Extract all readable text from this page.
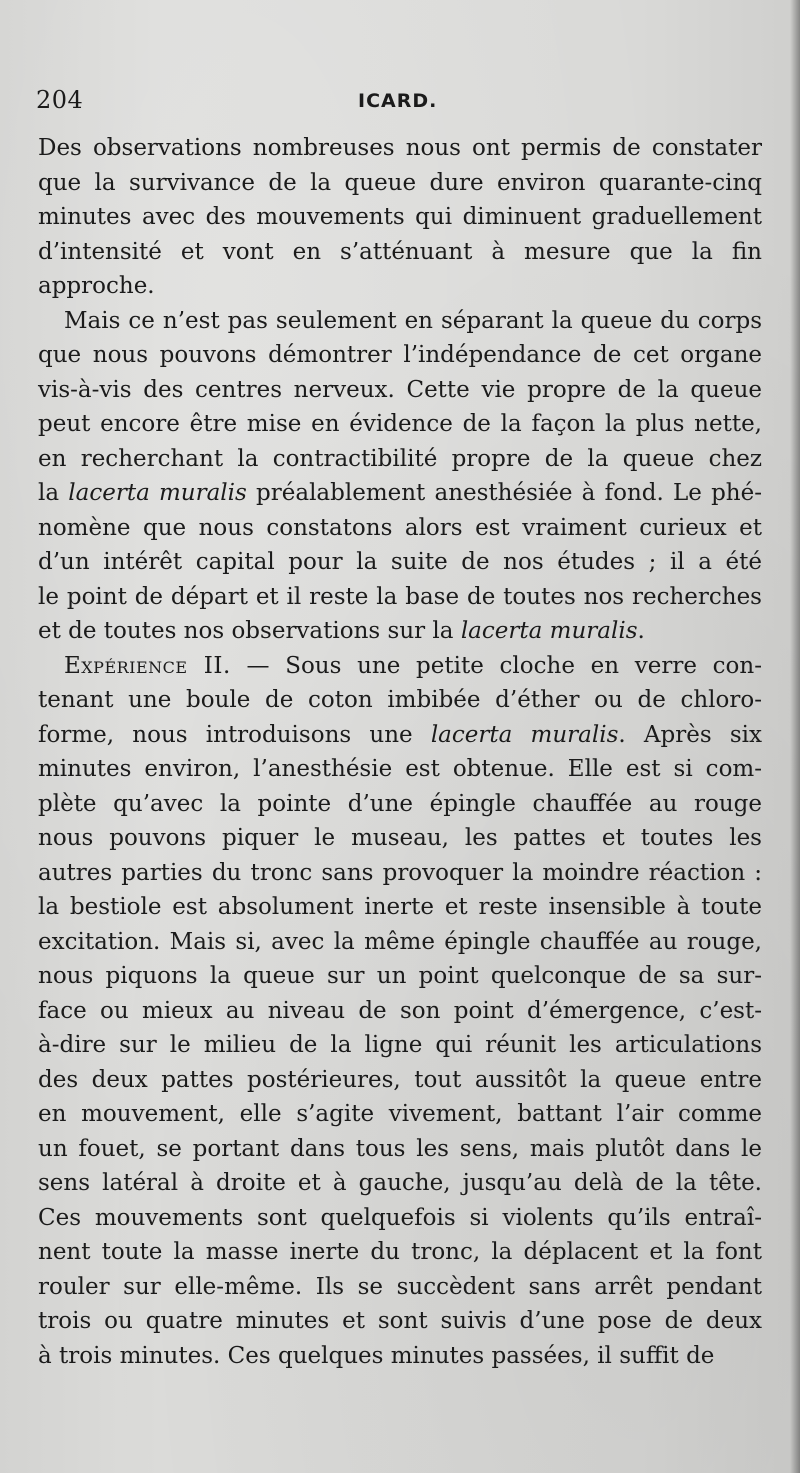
204	ICARD.
Des observations nombreuses nous ont permis de constater
que la survivance de la queue dure environ quarante-cinq
minutes avec des mouvements qui diminuent graduellement
d’intensité et vont en s’atténuant à mesure que la fin
approche.
Mais ce n’est pas seulement en séparant la queue du corps
que nous pouvons démontrer l’indépendance de cet organe
vis-à-vis des centres nerveux. Cette vie propre de la queue
peut encore être mise en évidence de la façon la plus nette,
en recherchant la contractibilité propre de la queue chez
la lacerta muralis préalablement anesthésiée à fond. Le phé-
nomène que nous constatons alors est vraiment curieux et
d’un intérêt capital pour la suite de nos études ; il a été
le point de départ et il reste la base de toutes nos recherches
et de toutes nos observations sur la lacerta muralis.
Expérience II. — Sous une petite cloche en verre con-
tenant une boule de coton imbibée d’éther ou de chloro-
forme, nous introduisons une lacerta muralis. Après six
minutes environ, l’anesthésie est obtenue. Elle est si com-
plète qu’avec la pointe d’une épingle chauffée au rouge
nous pouvons piquer le museau, les pattes et toutes les
autres parties du tronc sans provoquer la moindre réaction :
la bestiole est absolument inerte et reste insensible à toute
excitation. Mais si, avec la même épingle chauffée au rouge,
nous piquons la queue sur un point quelconque de sa sur-
face ou mieux au niveau de son point d’émergence, c’est-
à-dire sur le milieu de la ligne qui réunit les articulations
des deux pattes postérieures, tout aussitôt la queue entre
en mouvement, elle s’agite vivement, battant l’air comme
un fouet, se portant dans tous les sens, mais plutôt dans le
sens latéral à droite et à gauche, jusqu’au delà de la tête.
Ces mouvements sont quelquefois si violents qu’ils entraî-
nent toute la masse inerte du tronc, la déplacent et la font
rouler sur elle-même. Ils se succèdent sans arrêt pendant
trois ou quatre minutes et sont suivis d’une pose de deux
à trois minutes. Ces quelques minutes passées, il suffit de
